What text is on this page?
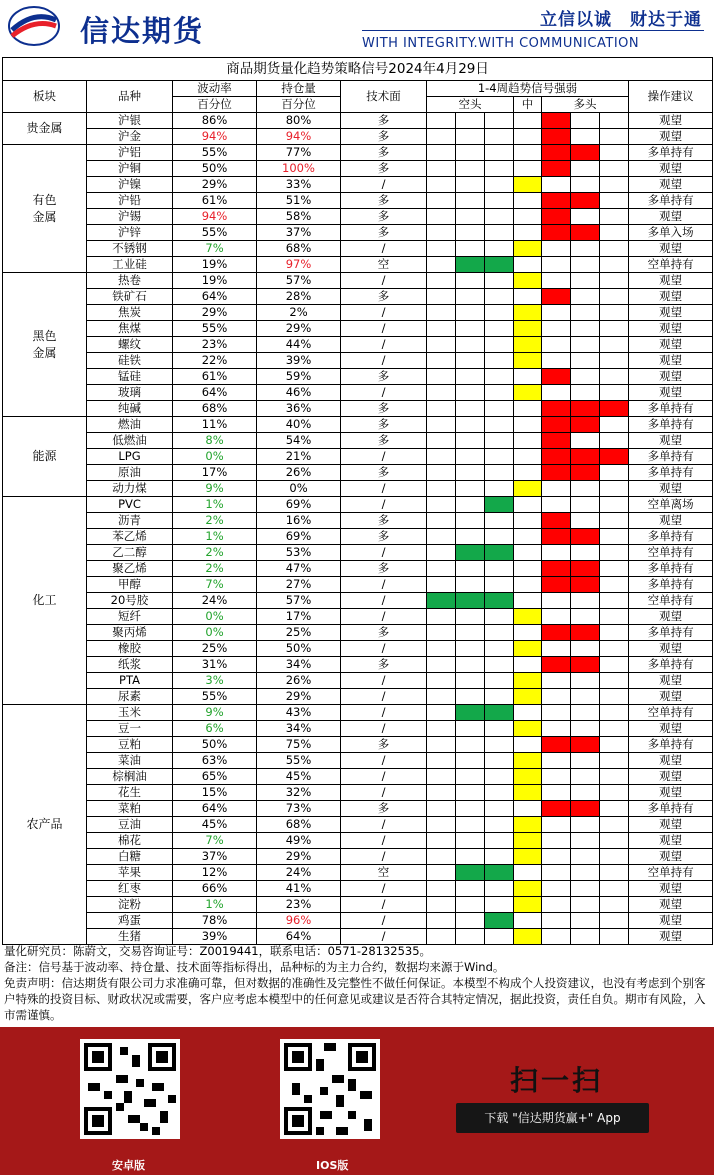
信达期货	立信以诚　财达于通
WITH INTEGRITY.WITH COMMUNICATION
商品期货量化趋势策略信号2024年4月29日												
板块	品种	波动率	持仓量	技术面	1-4周趋势信号强弱							操作建议
		百分位	百分位		空头			中	多头			
贵金属	沪银	86%	80%	多								观望
	沪金	94%	94%	多								观望
有色
金属	沪铝	55%	77%	多								多单持有
	沪铜	50%	100%	多								观望
	沪镍	29%	33%	/								观望
	沪铅	61%	51%	多								多单持有
	沪锡	94%	58%	多								观望
	沪锌	55%	37%	多								多单入场
	不锈钢	7%	68%	/								观望
	工业硅	19%	97%	空								空单持有
黑色
金属	热卷	19%	57%	/								观望
	铁矿石	64%	28%	多								观望
	焦炭	29%	2%	/								观望
	焦煤	55%	29%	/								观望
	螺纹	23%	44%	/								观望
	硅铁	22%	39%	/								观望
	锰硅	61%	59%	多								观望
	玻璃	64%	46%	/								观望
	纯碱	68%	36%	多								多单持有
能源	燃油	11%	40%	多								多单持有
	低燃油	8%	54%	多								观望
	LPG	0%	21%	/								多单持有
	原油	17%	26%	多								多单持有
	动力煤	9%	0%	/								观望
化工	PVC	1%	69%	/								空单离场
	沥青	2%	16%	多								观望
	苯乙烯	1%	69%	多								多单持有
	乙二醇	2%	53%	/								空单持有
	聚乙烯	2%	47%	多								多单持有
	甲醇	7%	27%	/								多单持有
	20号胶	24%	57%	/								空单持有
	短纤	0%	17%	/								观望
	聚丙烯	0%	25%	多								多单持有
	橡胶	25%	50%	/								观望
	纸浆	31%	34%	多								多单持有
	PTA	3%	26%	/								观望
	尿素	55%	29%	/								观望
农产品	玉米	9%	43%	/								空单持有
	豆一	6%	34%	/								观望
	豆粕	50%	75%	多								多单持有
	菜油	63%	55%	/								观望
	棕榈油	65%	45%	/								观望
	花生	15%	32%	/								观望
	菜粕	64%	73%	多								多单持有
	豆油	45%	68%	/								观望
	棉花	7%	49%	/								观望
	白糖	37%	29%	/								观望
	苹果	12%	24%	空								空单持有
	红枣	66%	41%	/								观望
	淀粉	1%	23%	/								观望
	鸡蛋	78%	96%	/								观望
	生猪	39%	64%	/								观望

量化研究员：陈蔚文，交易咨询证号：Z0019441，联系电话：0571-28132535。

备注：信号基于波动率、持仓量、技术面等指标得出，品种标的为主力合约，数据均来源于Wind。

免责声明：信达期货有限公司力求准确可靠，但对数据的准确性及完整性不做任何保证。本模型不构成个人投资建议，也没有考虑到个别客户特殊的投资目标、财政状况或需要，客户应考虑本模型中的任何意见或建议是否符合其特定情况，据此投资，责任自负。期市有风险，入市需谨慎。

安卓版	IOS版
扫一扫
下载 "信达期货赢+" App
